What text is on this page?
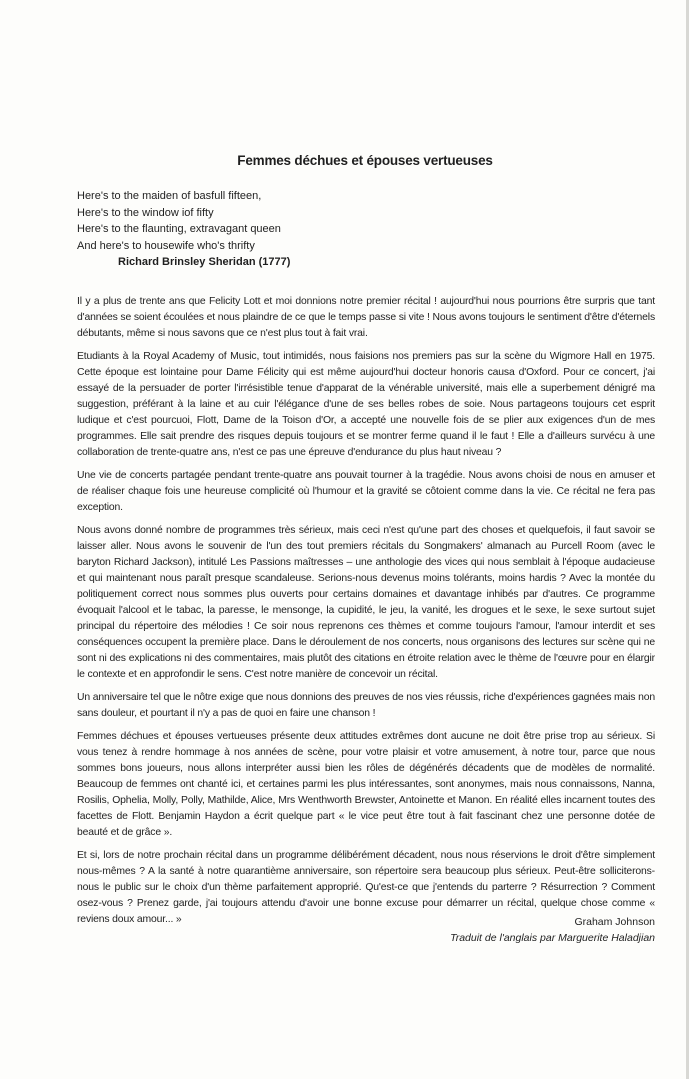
Femmes déchues et épouses vertueuses
Here's to the maiden of basfull fifteen,
Here's to the window iof fifty
Here's to the flaunting, extravagant queen
And here's to housewife who's thrifty
Richard Brinsley Sheridan (1777)

Il y a plus de trente ans que Felicity Lott et moi donnions notre premier récital ! aujourd'hui nous pourrions être surpris que tant d'années se soient écoulées et nous plaindre de ce que le temps passe si vite ! Nous avons toujours le sentiment d'être d'éternels débutants, même si nous savons que ce n'est plus tout à fait vrai.

Etudiants à la Royal Academy of Music, tout intimidés, nous faisions nos premiers pas sur la scène du Wigmore Hall en 1975. Cette époque est lointaine pour Dame Félicity qui est même aujourd'hui docteur honoris causa d'Oxford. Pour ce concert, j'ai essayé de la persuader de porter l'irrésistible tenue d'apparat de la vénérable université, mais elle a superbement dénigré ma suggestion, préférant à la laine et au cuir l'élégance d'une de ses belles robes de soie. Nous partageons toujours cet esprit ludique et c'est pourcuoi, Flott, Dame de la Toison d'Or, a accepté une nouvelle fois de se plier aux exigences d'un de mes programmes. Elle sait prendre des risques depuis toujours et se montrer ferme quand il le faut ! Elle a d'ailleurs survécu à une collaboration de trente-quatre ans, n'est ce pas une épreuve d'endurance du plus haut niveau ?

Une vie de concerts partagée pendant trente-quatre ans pouvait tourner à la tragédie. Nous avons choisi de nous en amuser et de réaliser chaque fois une heureuse complicité où l'humour et la gravité se côtoient comme dans la vie. Ce récital ne fera pas exception.

Nous avons donné nombre de programmes très sérieux, mais ceci n'est qu'une part des choses et quelquefois, il faut savoir se laisser aller. Nous avons le souvenir de l'un des tout premiers récitals du Songmakers' almanach au Purcell Room (avec le baryton Richard Jackson), intitulé Les Passions maîtresses – une anthologie des vices qui nous semblait à l'époque audacieuse et qui maintenant nous paraît presque scandaleuse. Serions-nous devenus moins tolérants, moins hardis ? Avec la montée du politiquement correct nous sommes plus ouverts pour certains domaines et davantage inhibés par d'autres. Ce programme évoquait l'alcool et le tabac, la paresse, le mensonge, la cupidité, le jeu, la vanité, les drogues et le sexe, le sexe surtout sujet principal du répertoire des mélodies ! Ce soir nous reprenons ces thèmes et comme toujours l'amour, l'amour interdit et ses conséquences occupent la première place. Dans le déroulement de nos concerts, nous organisons des lectures sur scène qui ne sont ni des explications ni des commentaires, mais plutôt des citations en étroite relation avec le thème de l'œuvre pour en élargir le contexte et en approfondir le sens. C'est notre manière de concevoir un récital.

Un anniversaire tel que le nôtre exige que nous donnions des preuves de nos vies réussis, riche d'expériences gagnées mais non sans douleur, et pourtant il n'y a pas de quoi en faire une chanson !

Femmes déchues et épouses vertueuses présente deux attitudes extrêmes dont aucune ne doit être prise trop au sérieux. Si vous tenez à rendre hommage à nos années de scène, pour votre plaisir et votre amusement, à notre tour, parce que nous sommes bons joueurs, nous allons interpréter aussi bien les rôles de dégénérés décadents que de modèles de normalité. Beaucoup de femmes ont chanté ici, et certaines parmi les plus intéressantes, sont anonymes, mais nous connaissons, Nanna, Rosilis, Ophelia, Molly, Polly, Mathilde, Alice, Mrs Wenthworth Brewster, Antoinette et Manon. En réalité elles incarnent toutes des facettes de Flott. Benjamin Haydon a écrit quelque part « le vice peut être tout à fait fascinant chez une personne dotée de beauté et de grâce ».

Et si, lors de notre prochain récital dans un programme délibérément décadent, nous nous réservions le droit d'être simplement nous-mêmes ? A la santé à notre quarantième anniversaire, son répertoire sera beaucoup plus sérieux. Peut-être solliciterons-nous le public sur le choix d'un thème parfaitement approprié. Qu'est-ce que j'entends du parterre ? Résurrection ? Comment osez-vous ? Prenez garde, j'ai toujours attendu d'avoir une bonne excuse pour démarrer un récital, quelque chose comme « reviens doux amour... »	Graham Johnson
Traduit de l'anglais par Marguerite Haladjian
